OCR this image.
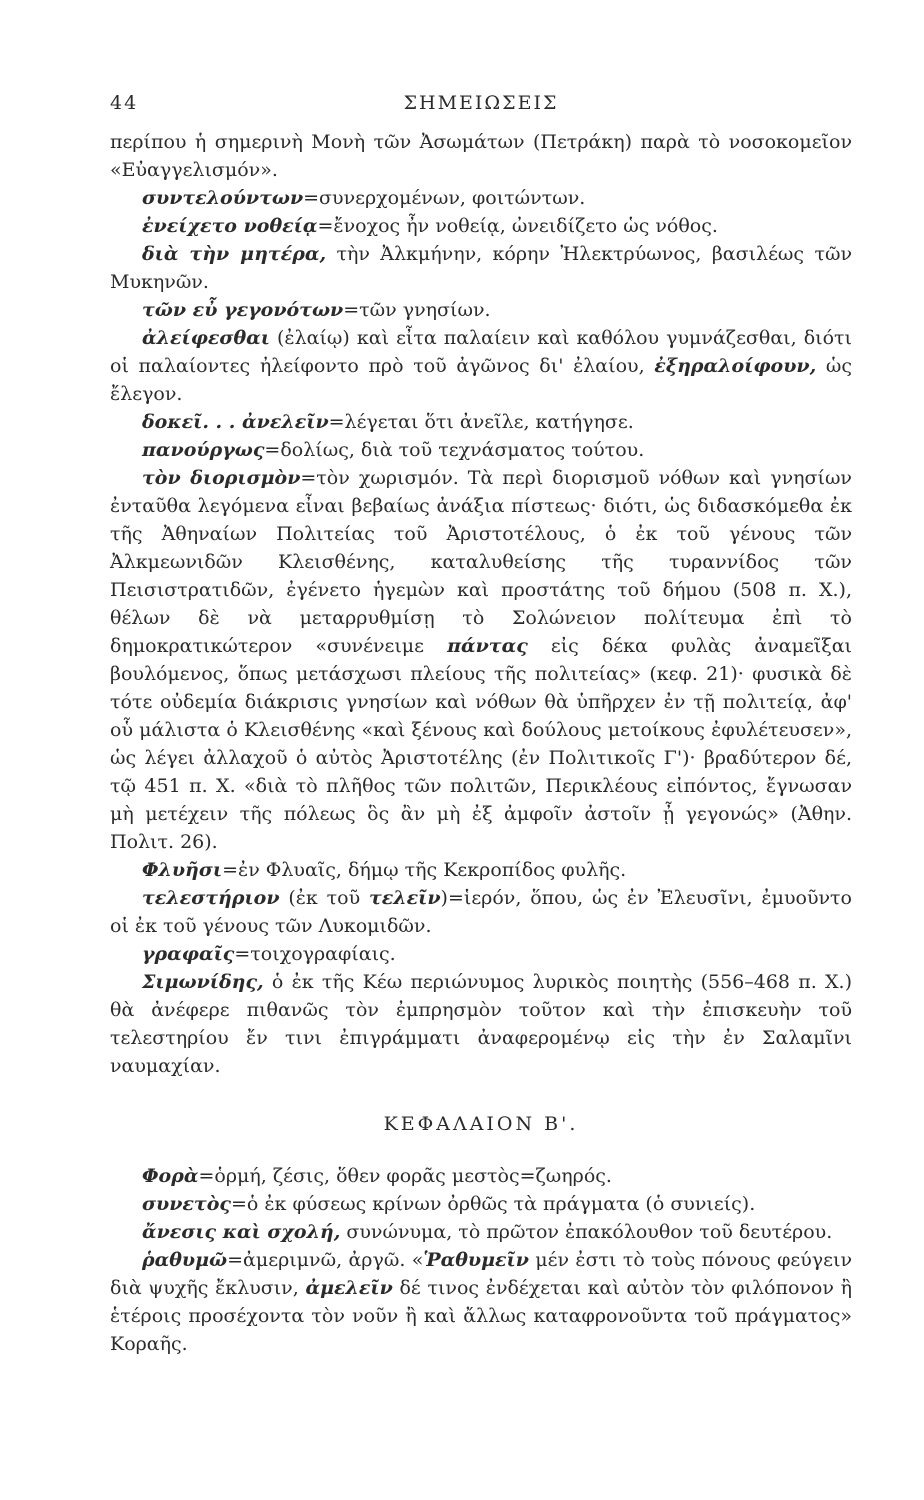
44	ΣΗΜΕΙΩΣΕΙΣ

περίπου ἡ σημερινὴ Μονὴ τῶν Ἀσωμάτων (Πετράκη) παρὰ τὸ νοσοκομεῖον «Εὐαγγελισμόν».

συντελούντων=συνερχομένων, φοιτώντων.

ἐνείχετο νοθείᾳ=ἔνοχος ἦν νοθείᾳ, ὠνειδίζετο ὡς νόθος.

διὰ τὴν μητέρα, τὴν Ἀλκμήνην, κόρην Ἠλεκτρύωνος, βασιλέως τῶν Μυκηνῶν.

τῶν εὖ γεγονότων=τῶν γνησίων.

ἀλείφεσθαι (ἐλαίῳ) καὶ εἶτα παλαίειν καὶ καθόλου γυμνάζεσθαι, διότι οἱ παλαίοντες ἠλείφοντο πρὸ τοῦ ἀγῶνος δι' ἐλαίου, ἐξηραλοίφουν, ὡς ἔλεγον.

δοκεῖ. . . ἀνελεῖν=λέγεται ὅτι ἀνεῖλε, κατήγησε.

πανούργως=δολίως, διὰ τοῦ τεχνάσματος τούτου.

τὸν διορισμὸν=τὸν χωρισμόν. Τὰ περὶ διορισμοῦ νόθων καὶ γνησίων ἐνταῦθα λεγόμενα εἶναι βεβαίως ἀνάξια πίστεως· διότι, ὡς διδασκόμεθα ἐκ τῆς Ἀθηναίων Πολιτείας τοῦ Ἀριστοτέλους, ὁ ἐκ τοῦ γένους τῶν Ἀλκμεωνιδῶν Κλεισθένης, καταλυθείσης τῆς τυραννίδος τῶν Πεισιστρατιδῶν, ἐγένετο ἡγεμὼν καὶ προστάτης τοῦ δήμου (508 π. Χ.), θέλων δὲ νὰ μεταρρυθμίσῃ τὸ Σολώνειον πολίτευμα ἐπὶ τὸ δημοκρατικώτερον «συνένειμε πάντας εἰς δέκα φυλὰς ἀναμεῖξαι βουλόμενος, ὅπως μετάσχωσι πλείους τῆς πολιτείας» (κεφ. 21)· φυσικὰ δὲ τότε οὐδεμία διάκρισις γνησίων καὶ νόθων θὰ ὑπῆρχεν ἐν τῇ πολιτείᾳ, ἀφ' οὗ μάλιστα ὁ Κλεισθένης «καὶ ξένους καὶ δούλους μετοίκους ἐφυλέτευσεν», ὡς λέγει ἀλλαχοῦ ὁ αὐτὸς Ἀριστοτέλης (ἐν Πολιτικοῖς Γ')· βραδύτερον δέ, τῷ 451 π. Χ. «διὰ τὸ πλῆθος τῶν πολιτῶν, Περικλέους εἰπόντος, ἔγνωσαν μὴ μετέχειν τῆς πόλεως ὃς ἂν μὴ ἐξ ἀμφοῖν ἀστοῖν ᾖ γεγονώς» (Ἀθην. Πολιτ. 26).

Φλυῆσι=ἐν Φλυαῖς, δήμῳ τῆς Κεκροπίδος φυλῆς.

τελεστήριον (ἐκ τοῦ τελεῖν)=ἱερόν, ὅπου, ὡς ἐν Ἐλευσῖνι, ἐμυοῦντο οἱ ἐκ τοῦ γένους τῶν Λυκομιδῶν.

γραφαῖς=τοιχογραφίαις.

Σιμωνίδης, ὁ ἐκ τῆς Κέω περιώνυμος λυρικὸς ποιητὴς (556–468 π. Χ.) θὰ ἀνέφερε πιθανῶς τὸν ἐμπρησμὸν τοῦτον καὶ τὴν ἐπισκευὴν τοῦ τελεστηρίου ἔν τινι ἐπιγράμματι ἀναφερομένῳ εἰς τὴν ἐν Σαλαμῖνι ναυμαχίαν.

ΚΕΦΑΛΑΙΟΝ Β'.

Φορὰ=ὁρμή, ζέσις, ὅθεν φορᾶς μεστὸς=ζωηρός.

συνετὸς=ὁ ἐκ φύσεως κρίνων ὀρθῶς τὰ πράγματα (ὁ συνιείς).

ἄνεσις καὶ σχολή, συνώνυμα, τὸ πρῶτον ἐπακόλουθον τοῦ δευτέρου.

ῥαθυμῶ=ἀμεριμνῶ, ἀργῶ. «Ῥαθυμεῖν μέν ἐστι τὸ τοὺς πόνους φεύγειν διὰ ψυχῆς ἔκλυσιν, ἀμελεῖν δέ τινος ἐνδέχεται καὶ αὐτὸν τὸν φιλόπονον ἢ ἑτέροις προσέχοντα τὸν νοῦν ἢ καὶ ἄλλως καταφρονοῦντα τοῦ πράγματος» Κοραῆς.
